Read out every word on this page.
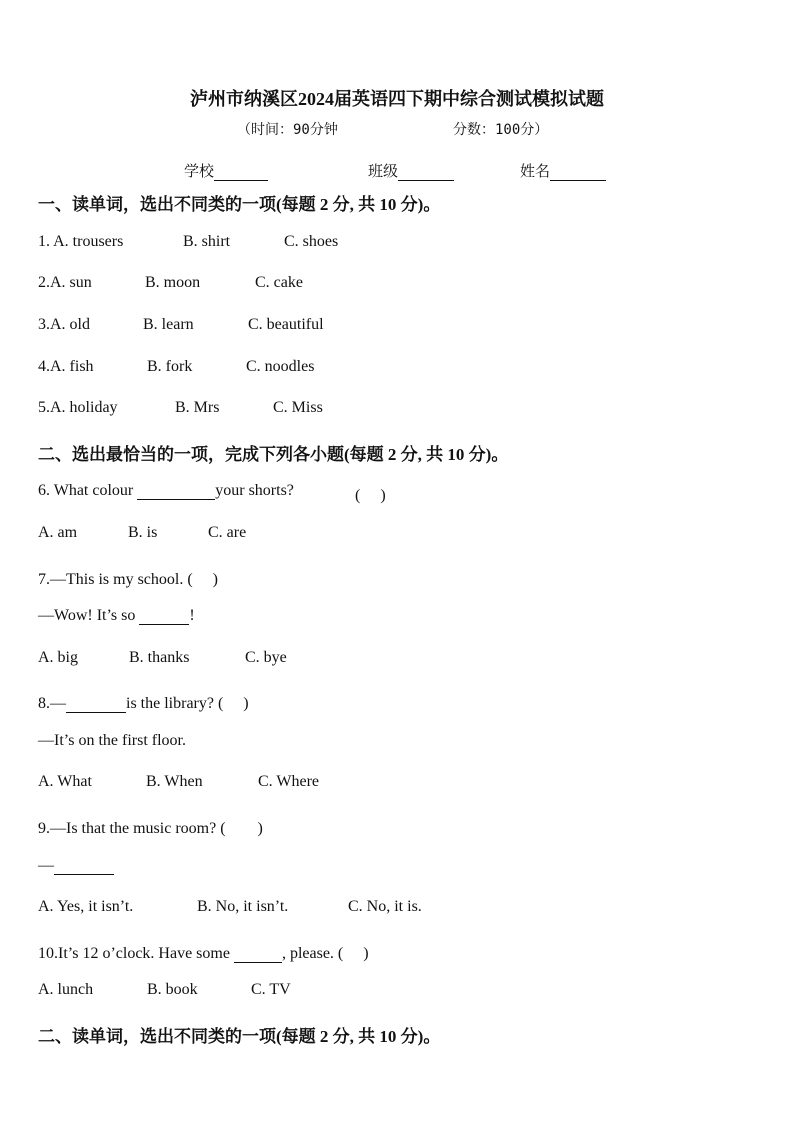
泸州市纳溪区2024届英语四下期中综合测试模拟试题
（时间：90分钟	分数：100分）
学校	班级	姓名
一、读单词，选出不同类的一项(每题 2 分, 共 10 分)。
1. A. trousers	B. shirt	C. shoes
2.A. sun	B. moon	C. cake
3.A. old	B. learn	C. beautiful
4.A. fish	B. fork	C. noodles
5.A. holiday	B. Mrs	C. Miss
二、选出最恰当的一项，完成下列各小题(每题 2 分, 共 10 分)。
6. What colour	your shorts?	(　 )
A. am	B. is	C. are
7.—This is my school. (　 )
—Wow! It’s so	!
A. big	B. thanks	C. bye
8.—	is the library? (　 )
—It’s on the first floor.
A. What	B. When	C. Where
9.—Is that the music room? (　　)
—
A. Yes, it isn’t.	B. No, it isn’t.	C. No, it is.
10.It’s 12 o’clock. Have some	, please. (　 )
A. lunch	B. book	C. TV
二、读单词，选出不同类的一项(每题 2 分, 共 10 分)。
